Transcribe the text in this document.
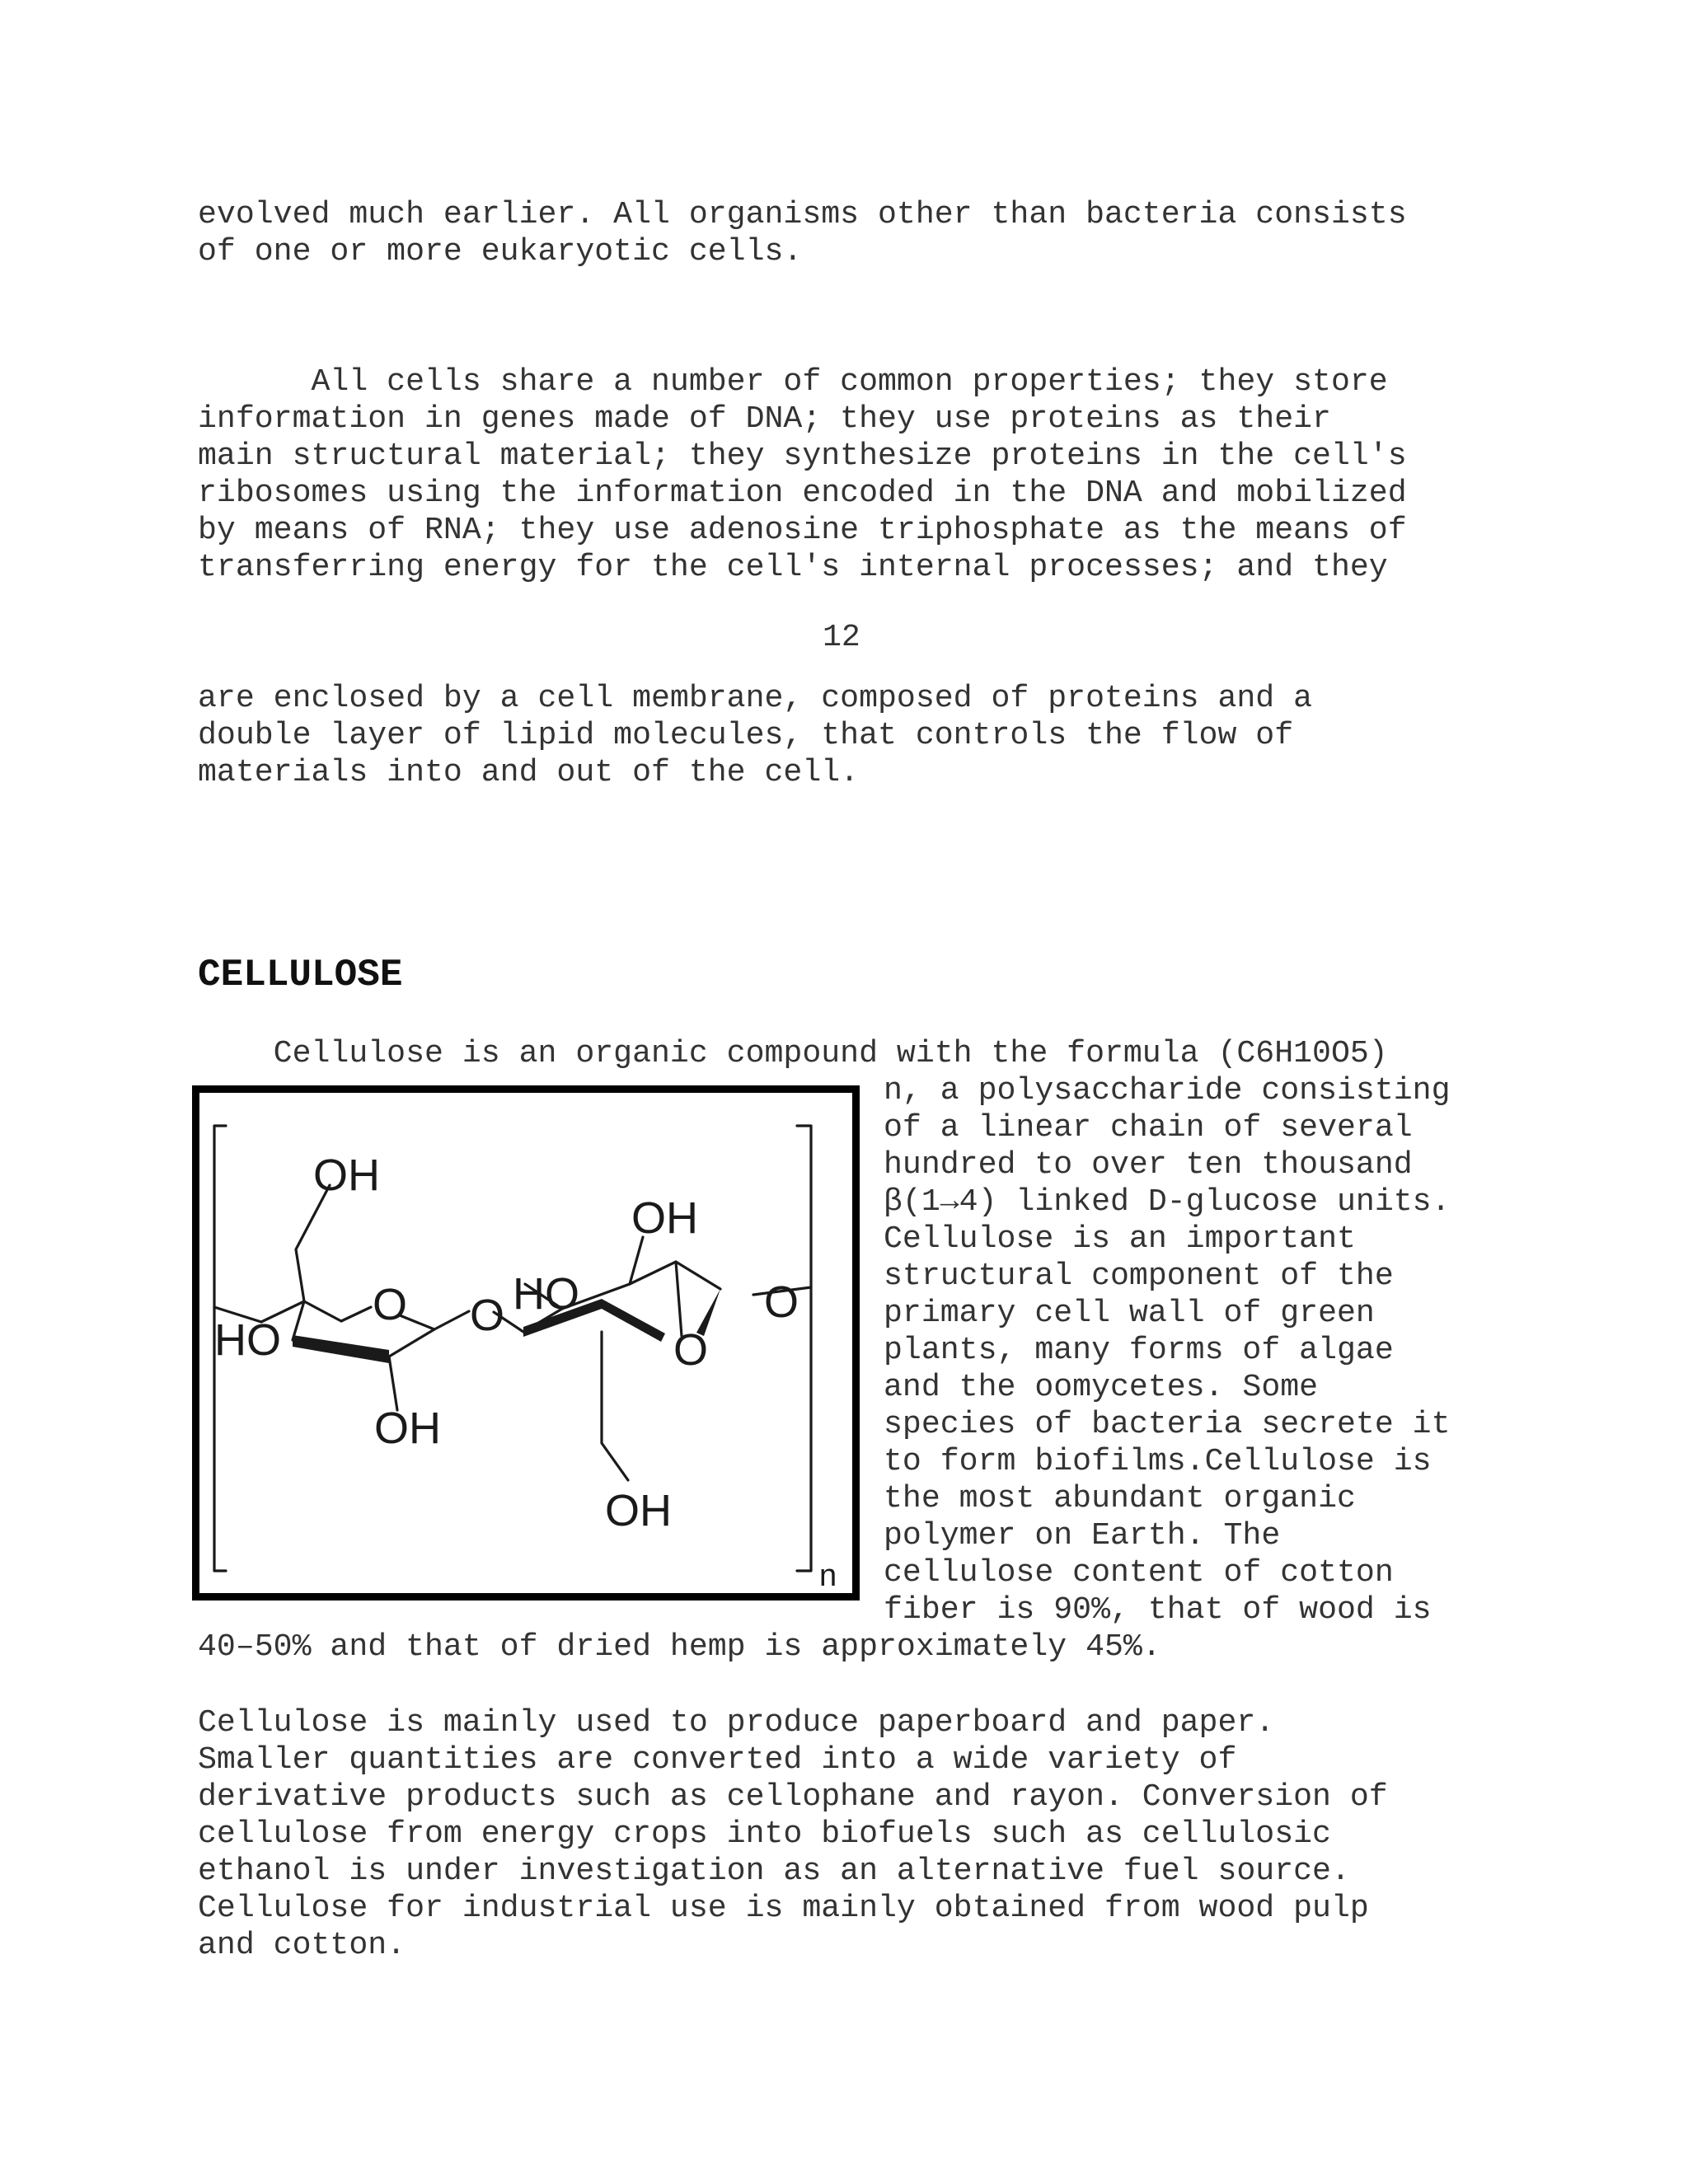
evolved much earlier. All organisms other than bacteria consists
of one or more eukaryotic cells.
All cells share a number of common properties; they store
information in genes made of DNA; they use proteins as their
main structural material; they synthesize proteins in the cell's
ribosomes using the information encoded in the DNA and mobilized
by means of RNA; they use adenosine triphosphate as the means of
transferring energy for the cell's internal processes; and they
12
are enclosed by a cell membrane, composed of proteins and a
double layer of lipid molecules, that controls the flow of
materials into and out of the cell.
CELLULOSE
Cellulose is an organic compound with the formula (C6H10O5)
n, a polysaccharide consisting
of a linear chain of several
hundred to over ten thousand
β(1→4) linked D-glucose units.
Cellulose is an important
structural component of the
primary cell wall of green
plants, many forms of algae
and the oomycetes. Some
species of bacteria secrete it
to form biofilms.Cellulose is
the most abundant organic
polymer on Earth. The
cellulose content of cotton
fiber is 90%, that of wood is
40–50% and that of dried hemp is approximately 45%.
OH
O
HO
OH
O
OH
HO
O
O
OH
n
Cellulose is mainly used to produce paperboard and paper.
Smaller quantities are converted into a wide variety of
derivative products such as cellophane and rayon. Conversion of
cellulose from energy crops into biofuels such as cellulosic
ethanol is under investigation as an alternative fuel source.
Cellulose for industrial use is mainly obtained from wood pulp
and cotton.
